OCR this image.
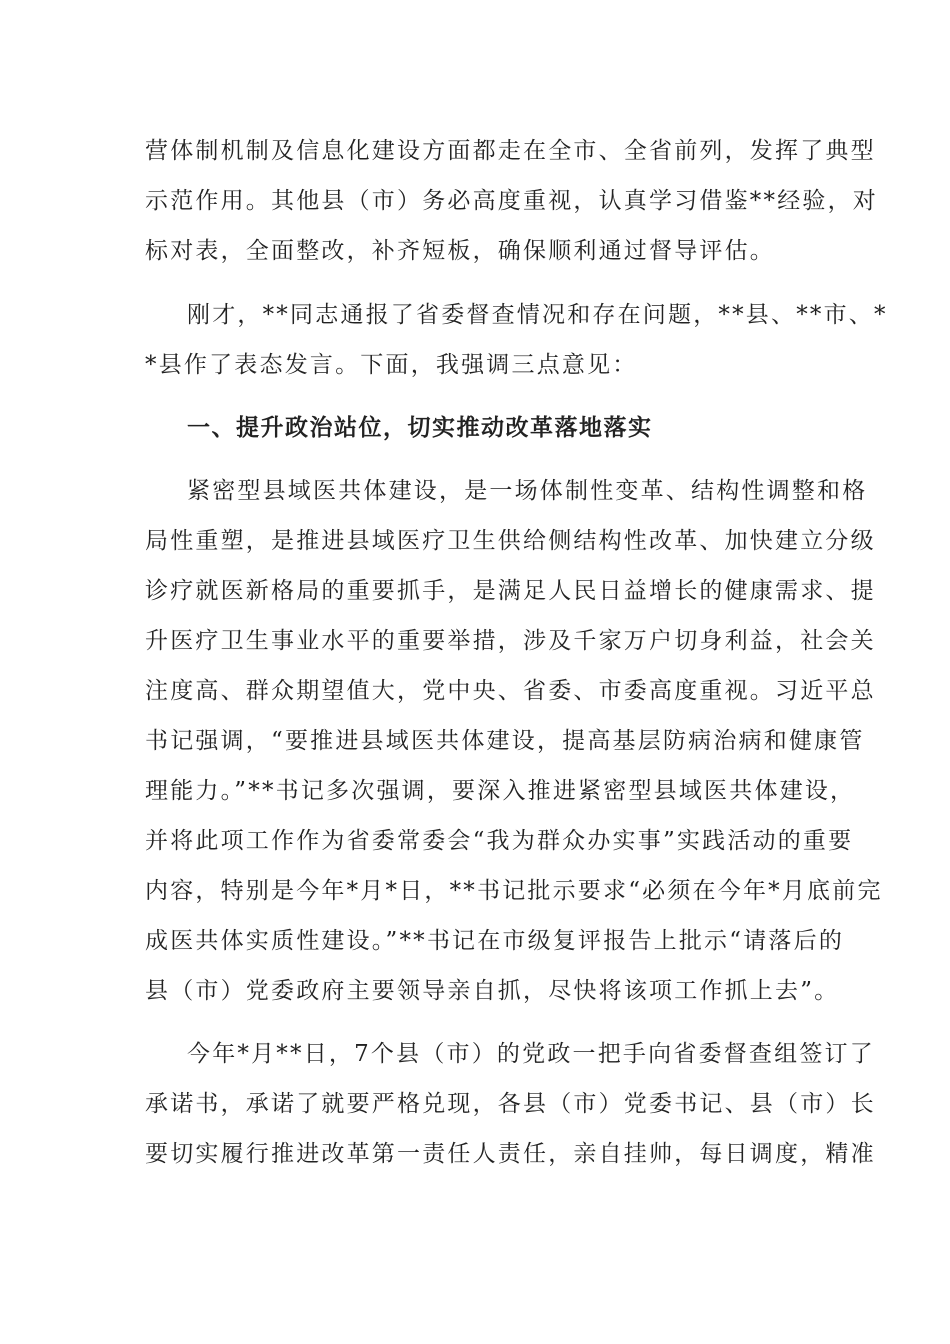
营体制机制及信息化建设方面都走在全市、全省前列，发挥了典型
示范作用。其他县（市）务必高度重视，认真学习借鉴**经验，对
标对表，全面整改，补齐短板，确保顺利通过督导评估。
刚才，**同志通报了省委督查情况和存在问题，**县、**市、*
*县作了表态发言。下面，我强调三点意见：
一、提升政治站位，切实推动改革落地落实
紧密型县域医共体建设，是一场体制性变革、结构性调整和格
局性重塑，是推进县域医疗卫生供给侧结构性改革、加快建立分级
诊疗就医新格局的重要抓手，是满足人民日益增长的健康需求、提
升医疗卫生事业水平的重要举措，涉及千家万户切身利益，社会关
注度高、群众期望值大，党中央、省委、市委高度重视。习近平总
书记强调，“要推进县域医共体建设，提高基层防病治病和健康管
理能力。”**书记多次强调，要深入推进紧密型县域医共体建设，
并将此项工作作为省委常委会“我为群众办实事”实践活动的重要
内容，特别是今年*月*日，**书记批示要求“必须在今年*月底前完
成医共体实质性建设。”**书记在市级复评报告上批示“请落后的
县（市）党委政府主要领导亲自抓，尽快将该项工作抓上去”。
今年*月**日，7个县（市）的党政一把手向省委督查组签订了
承诺书，承诺了就要严格兑现，各县（市）党委书记、县（市）长
要切实履行推进改革第一责任人责任，亲自挂帅，每日调度，精准
